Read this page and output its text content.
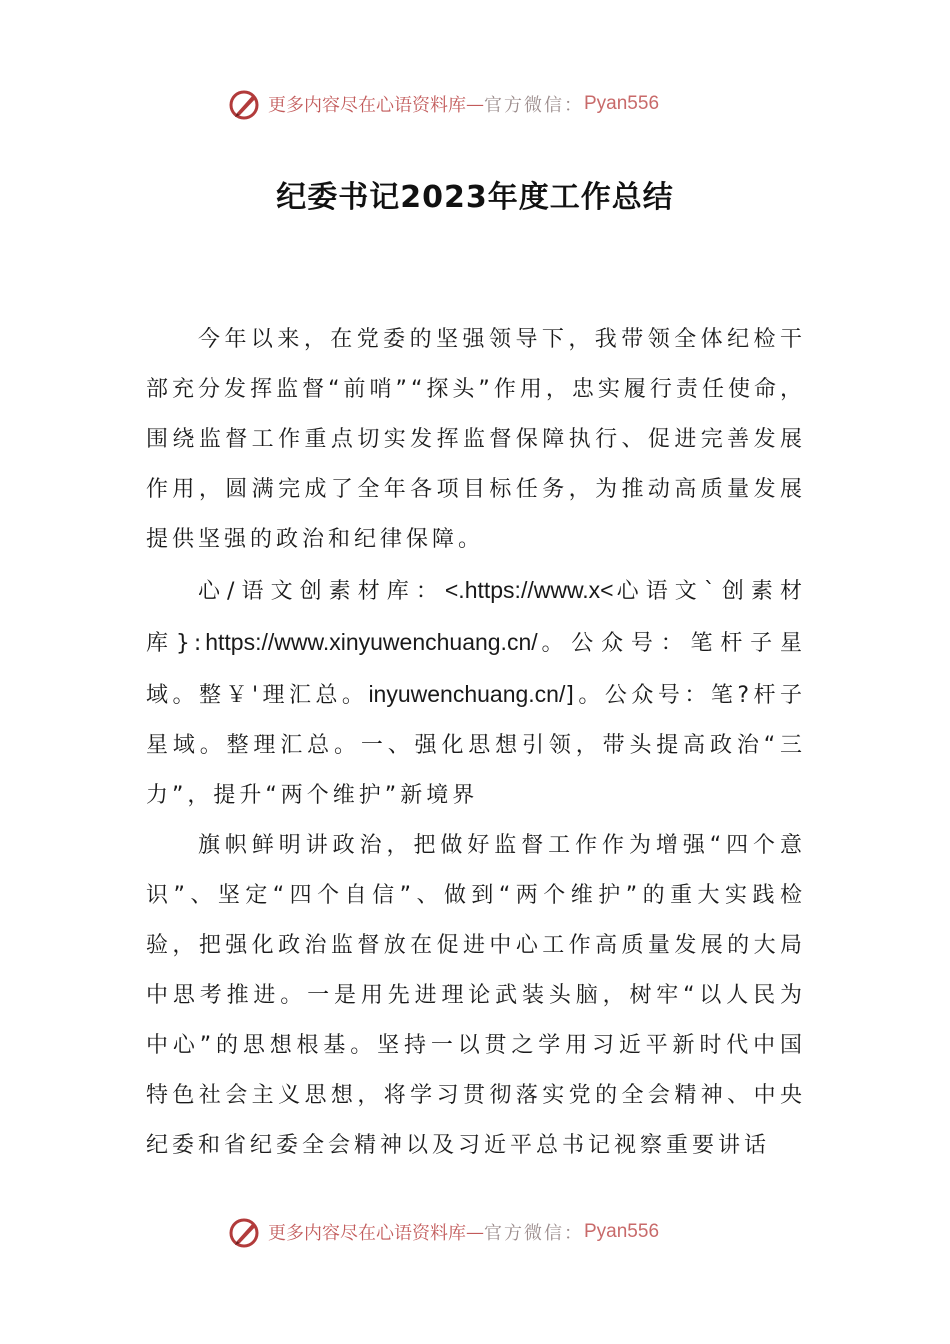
更多内容尽在心语资料库 — 官方微信： Pyan556
纪委书记2023年度工作总结

今年以来，在党委的坚强领导下，我带领全体纪检干部充分发挥监督“前哨”“探头”作用，忠实履行责任使命，围绕监督工作重点切实发挥监督保障执行、促进完善发展作用，圆满完成了全年各项目标任务，为推动高质量发展提供坚强的政治和纪律保障。

心/语文创素材库：<.https://www.x<心语文`创素材库}:https://www.xinyuwenchuang.cn/。公众号：笔杆子星域。整￥'理汇总。inyuwenchuang.cn/]。公众号：笔?杆子星域。整理汇总。一、强化思想引领，带头提高政治“三力”，提升“两个维护”新境界

旗帜鲜明讲政治，把做好监督工作作为增强“四个意识”、坚定“四个自信”、做到“两个维护”的重大实践检验，把强化政治监督放在促进中心工作高质量发展的大局中思考推进。一是用先进理论武装头脑，树牢“以人民为中心”的思想根基。坚持一以贯之学用习近平新时代中国特色社会主义思想，将学习贯彻落实党的全会精神、中央纪委和省纪委全会精神以及习近平总书记视察重要讲话

更多内容尽在心语资料库 — 官方微信： Pyan556
